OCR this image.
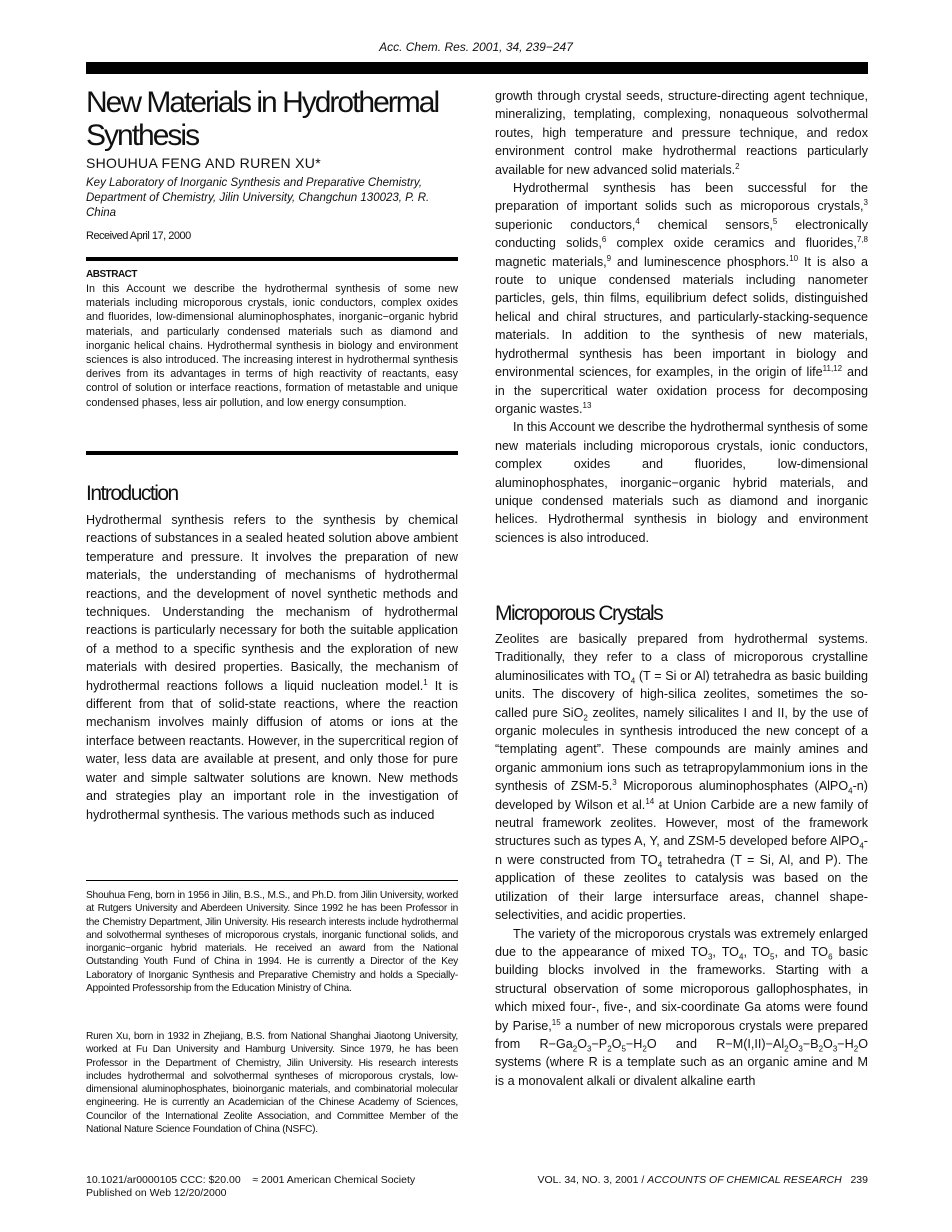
Acc. Chem. Res. 2001, 34, 239−247
New Materials in Hydrothermal Synthesis
SHOUHUA FENG AND RUREN XU*
Key Laboratory of Inorganic Synthesis and Preparative Chemistry, Department of Chemistry, Jilin University, Changchun 130023, P. R. China
Received April 17, 2000
ABSTRACT
In this Account we describe the hydrothermal synthesis of some new materials including microporous crystals, ionic conductors, complex oxides and fluorides, low-dimensional aluminophosphates, inorganic−organic hybrid materials, and particularly condensed materials such as diamond and inorganic helical chains. Hydrothermal synthesis in biology and environment sciences is also introduced. The increasing interest in hydrothermal synthesis derives from its advantages in terms of high reactivity of reactants, easy control of solution or interface reactions, formation of metastable and unique condensed phases, less air pollution, and low energy consumption.
Introduction

Hydrothermal synthesis refers to the synthesis by chemical reactions of substances in a sealed heated solution above ambient temperature and pressure. It involves the preparation of new materials, the understanding of mechanisms of hydrothermal reactions, and the development of novel synthetic methods and techniques. Understanding the mechanism of hydrothermal reactions is particularly necessary for both the suitable application of a method to a specific synthesis and the exploration of new materials with desired properties. Basically, the mechanism of hydrothermal reactions follows a liquid nucleation model.$^1$ It is different from that of solid-state reactions, where the reaction mechanism involves mainly diffusion of atoms or ions at the interface between reactants. However, in the supercritical region of water, less data are available at present, and only those for pure water and simple saltwater solutions are known. New methods and strategies play an important role in the investigation of hydrothermal synthesis. The various methods such as induced

Shouhua Feng, born in 1956 in Jilin, B.S., M.S., and Ph.D. from Jilin University, worked at Rutgers University and Aberdeen University. Since 1992 he has been Professor in the Chemistry Department, Jilin University. His research interests include hydrothermal and solvothermal syntheses of microporous crystals, inorganic functional solids, and inorganic−organic hybrid materials. He received an award from the National Outstanding Youth Fund of China in 1994. He is currently a Director of the Key Laboratory of Inorganic Synthesis and Preparative Chemistry and holds a Specially-Appointed Professorship from the Education Ministry of China.
Ruren Xu, born in 1932 in Zhejiang, B.S. from National Shanghai Jiaotong University, worked at Fu Dan University and Hamburg University. Since 1979, he has been Professor in the Department of Chemistry, Jilin University. His research interests includes hydrothermal and solvothermal syntheses of microporous crystals, low-dimensional aluminophosphates, bioinorganic materials, and combinatorial molecular engineering. He is currently an Academician of the Chinese Academy of Sciences, Councilor of the International Zeolite Association, and Committee Member of the National Nature Science Foundation of China (NSFC).

growth through crystal seeds, structure-directing agent technique, mineralizing, templating, complexing, nonaqueous solvothermal routes, high temperature and pressure technique, and redox environment control make hydrothermal reactions particularly available for new advanced solid materials.$^2$

Hydrothermal synthesis has been successful for the preparation of important solids such as microporous crystals,$^3$ superionic conductors,$^4$ chemical sensors,$^5$ electronically conducting solids,$^6$ complex oxide ceramics and fluorides,$^{7,8}$ magnetic materials,$^9$ and luminescence phosphors.$^{10}$ It is also a route to unique condensed materials including nanometer particles, gels, thin films, equilibrium defect solids, distinguished helical and chiral structures, and particularly-stacking-sequence materials. In addition to the synthesis of new materials, hydrothermal synthesis has been important in biology and environmental sciences, for examples, in the origin of life$^{11,12}$ and in the supercritical water oxidation process for decomposing organic wastes.$^{13}$

In this Account we describe the hydrothermal synthesis of some new materials including microporous crystals, ionic conductors, complex oxides and fluorides, low-dimensional aluminophosphates, inorganic−organic hybrid materials, and unique condensed materials such as diamond and inorganic helices. Hydrothermal synthesis in biology and environment sciences is also introduced.

Microporous Crystals

Zeolites are basically prepared from hydrothermal systems. Traditionally, they refer to a class of microporous crystalline aluminosilicates with $TO_4$ (T = Si or Al) tetrahedra as basic building units. The discovery of high-silica zeolites, sometimes the so-called pure SiO$_2$ zeolites, namely silicalites I and II, by the use of organic molecules in synthesis introduced the new concept of a “templating agent”. These compounds are mainly amines and organic ammonium ions such as tetrapropylammonium ions in the synthesis of ZSM-5.$^3$ Microporous aluminophosphates (AlPO$_4$-n) developed by Wilson et al.$^{14}$ at Union Carbide are a new family of neutral framework zeolites. However, most of the framework structures such as types A, Y, and ZSM-5 developed before AlPO$_4$-n were constructed from $TO_4$ tetrahedra (T = Si, Al, and P). The application of these zeolites to catalysis was based on the utilization of their large intersurface areas, channel shape-selectivities, and acidic properties.

The variety of the microporous crystals was extremely enlarged due to the appearance of mixed $TO_3$, $TO_4$, $TO_5$, and $TO_6$ basic building blocks involved in the frameworks. Starting with a structural observation of some microporous gallophosphates, in which mixed four-, five-, and six-coordinate Ga atoms were found by Parise,$^{15}$ a number of new microporous crystals were prepared from $R-Ga_2O_3-P_2O_5-H_2O$ and $R-M(I,II)-Al_2O_3-B_2O_3-H_2O$ systems (where R is a template such as an organic amine and M is a monovalent alkali or divalent alkaline earth

10.1021/ar0000105 CCC: $20.00 ≈ 2001 American Chemical Society
Published on Web 12/20/2000
VOL. 34, NO. 3, 2001 / ACCOUNTS OF CHEMICAL RESEARCH 239
